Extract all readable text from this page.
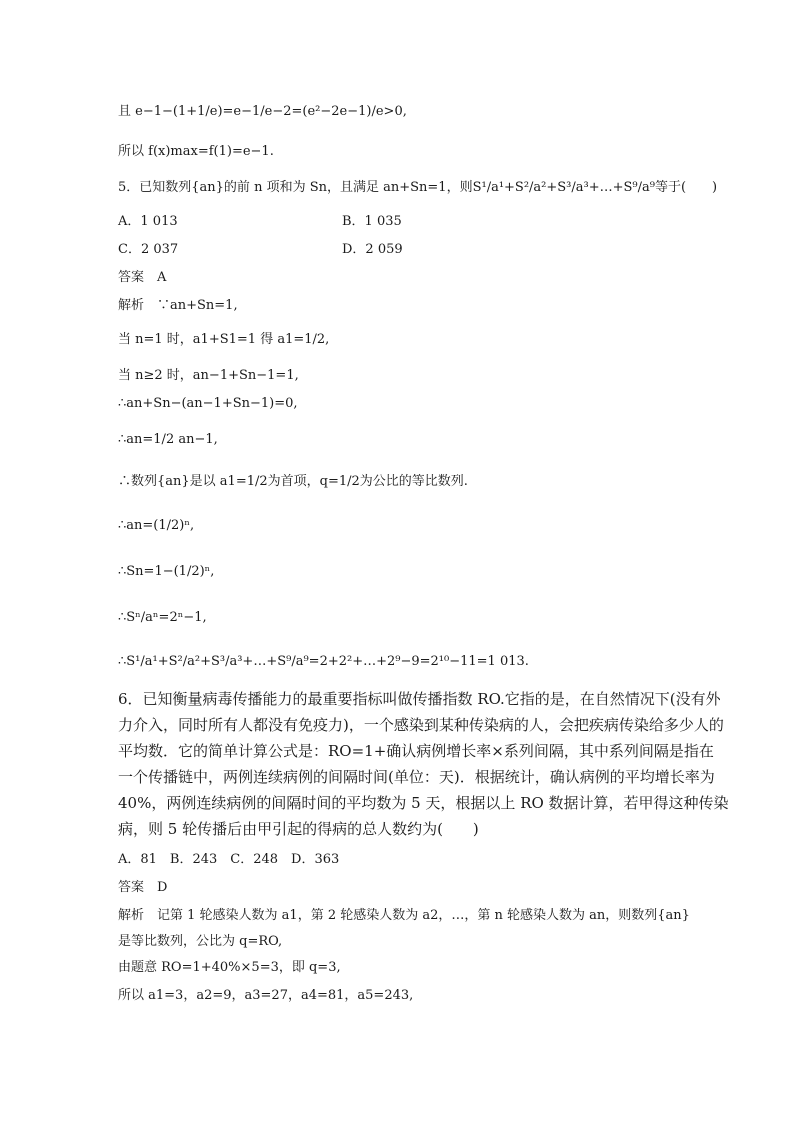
且 e−1−(1+1/e)=e−1/e−2=(e²−2e−1)/e>0,
所以 f(x)max=f(1)=e−1.
5．已知数列{an}的前 n 项和为 Sn，且满足 an+Sn=1，则S¹/a¹+S²/a²+S³/a³+…+S⁹/a⁹等于(　　)
A．1 013	B．1 035
C．2 037	D．2 059
答案　A
解析　∵an+Sn=1,
当 n=1 时，a1+S1=1 得 a1=1/2,
当 n≥2 时，an−1+Sn−1=1,
∴an+Sn−(an−1+Sn−1)=0,
∴an=1/2 an−1,
∴数列{an}是以 a1=1/2为首项，q=1/2为公比的等比数列.
∴an=(1/2)ⁿ,
∴Sn=1−(1/2)ⁿ,
∴Sⁿ/aⁿ=2ⁿ−1,
∴S¹/a¹+S²/a²+S³/a³+…+S⁹/a⁹=2+2²+…+2⁹−9=2¹⁰−11=1 013.
6．已知衡量病毒传播能力的最重要指标叫做传播指数 RO.它指的是，在自然情况下(没有外
力介入，同时所有人都没有免疫力)，一个感染到某种传染病的人，会把疾病传染给多少人的
平均数．它的简单计算公式是：RO=1+确认病例增长率×系列间隔，其中系列间隔是指在
一个传播链中，两例连续病例的间隔时间(单位：天)．根据统计，确认病例的平均增长率为
40%，两例连续病例的间隔时间的平均数为 5 天，根据以上 RO 数据计算，若甲得这种传染
病，则 5 轮传播后由甲引起的得病的总人数约为(　　)
A．81　B．243　C．248　D．363
答案　D
解析　记第 1 轮感染人数为 a1，第 2 轮感染人数为 a2，…，第 n 轮感染人数为 an，则数列{an}
是等比数列，公比为 q=RO,
由题意 RO=1+40%×5=3，即 q=3,
所以 a1=3，a2=9，a3=27，a4=81，a5=243,
